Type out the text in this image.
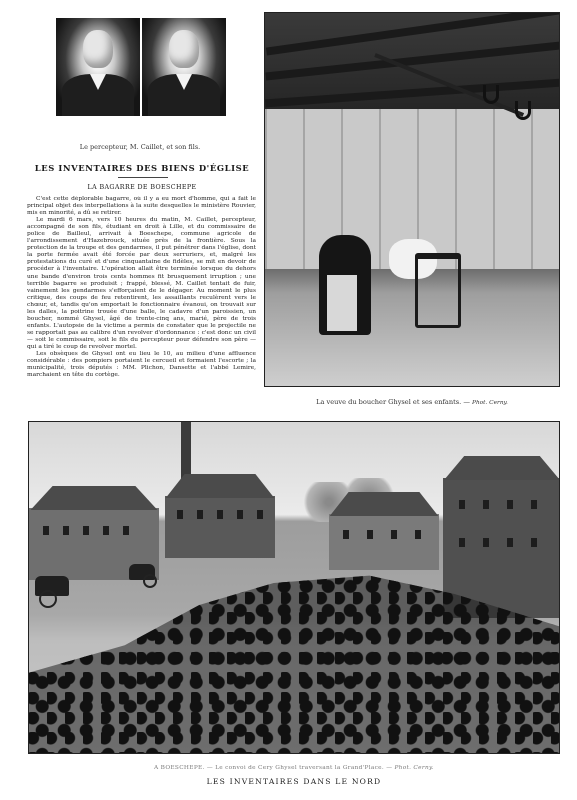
Le percepteur, M. Caillet, et son fils.
LES INVENTAIRES DES BIENS D'ÉGLISE
LA BAGARRE DE BOESCHEPE

C'est cette déplorable bagarre, où il y a eu mort d'homme, qui a fait le principal objet des interpellations à la suite desquelles le ministère Rouvier, mis en minorité, a dû se retirer.

Le mardi 6 mars, vers 10 heures du matin, M. Caillet, percepteur, accompagné de son fils, étudiant en droit à Lille, et du commissaire de police de Bailleul, arrivait à Boeschepe, commune agricole de l'arrondissement d'Hazebrouck, située près de la frontière. Sous la protection de la troupe et des gendarmes, il put pénétrer dans l'église, dont la porte fermée avait été forcée par deux serruriers, et, malgré les protestations du curé et d'une cinquantaine de fidèles, se mit en devoir de procéder à l'inventaire. L'opération allait être terminée lorsque du dehors une bande d'environ trois cents hommes fit brusquement irruption ; une terrible bagarre se produisit ; frappé, blessé, M. Caillet tentait de fuir, vainement les gendarmes s'efforçaient de le dégager. Au moment le plus critique, des coups de feu retentirent, les assaillants reculèrent vers le chœur, et, tandis qu'on emportait le fonctionnaire évanoui, on trouvait sur les dalles, la poitrine trouée d'une balle, le cadavre d'un paroissien, un boucher, nommé Ghysel, âgé de trente-cinq ans, marié, père de trois enfants. L'autopsie de la victime a permis de constater que le projectile ne se rapportait pas au calibre d'un revolver d'ordonnance : c'est donc un civil — soit le commissaire, soit le fils du percepteur pour défendre son père — qui a tiré le coup de revolver mortel.

Les obsèques de Ghysel ont eu lieu le 10, au milieu d'une affluence considérable : des pompiers portaient le cercueil et formaient l'escorte ; la municipalité, trois députés : MM. Plichon, Dansette et l'abbé Lemire, marchaient en tête du cortège.

La veuve du boucher Ghysel et ses enfants. — Phot. Cerny.
A BOESCHEPE. — Le convoi de Cery Ghysel traversant la Grand'Place. — Phot. Cerny.
LES INVENTAIRES DANS LE NORD
